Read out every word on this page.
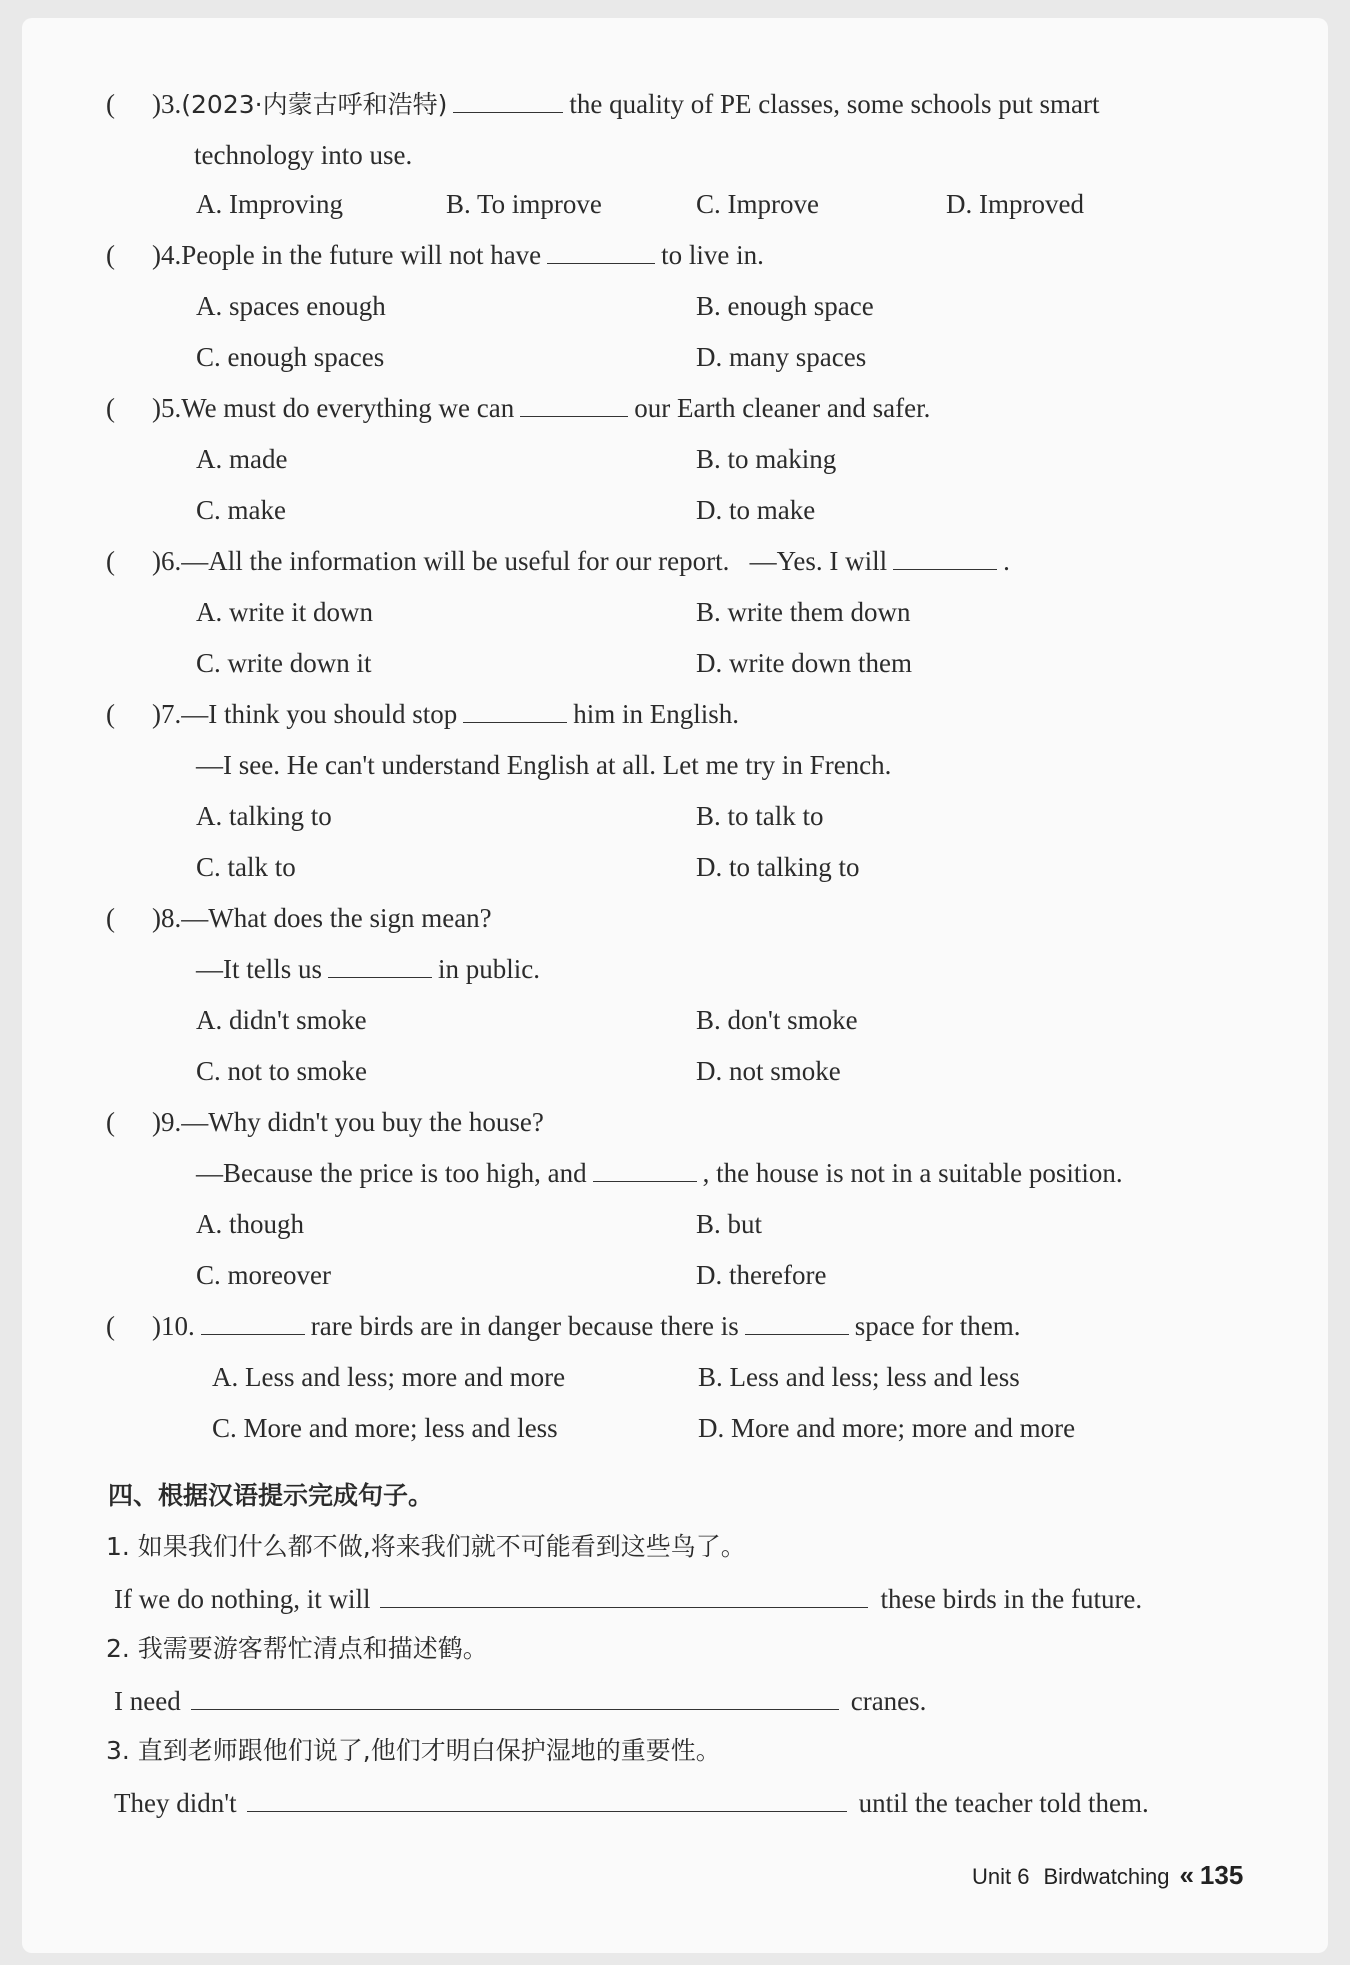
( )3.(2023·内蒙古呼和浩特)	the quality of PE classes, some schools put smart
technology into use.
A. Improving	B. To improve	C. Improve	D. Improved
( )4.People in the future will not have	to live in.
A. spaces enough	B. enough space
C. enough spaces	D. many spaces
( )5.We must do everything we can	our Earth cleaner and safer.
A. made	B. to making
C. make	D. to make
( )6.—All the information will be useful for our report.   —Yes. I will	.
A. write it down	B. write them down
C. write down it	D. write down them
( )7.—I think you should stop	him in English.
—I see. He can't understand English at all. Let me try in French.
A. talking to	B. to talk to
C. talk to	D. to talking to
( )8.—What does the sign mean?
—It tells us	in public.
A. didn't smoke	B. don't smoke
C. not to smoke	D. not smoke
( )9.—Why didn't you buy the house?
—Because the price is too high, and	, the house is not in a suitable position.
A. though	B. but
C. moreover	D. therefore
( )10.	rare birds are in danger because there is	space for them.
A. Less and less; more and more	B. Less and less; less and less
C. More and more; less and less	D. More and more; more and more
四、根据汉语提示完成句子。
1. 如果我们什么都不做,将来我们就不可能看到这些鸟了。
If we do nothing, it will	these birds in the future.
2. 我需要游客帮忙清点和描述鹤。
I need	cranes.
3. 直到老师跟他们说了,他们才明白保护湿地的重要性。
They didn't	until the teacher told them.
Unit 6 Birdwatching « 135
